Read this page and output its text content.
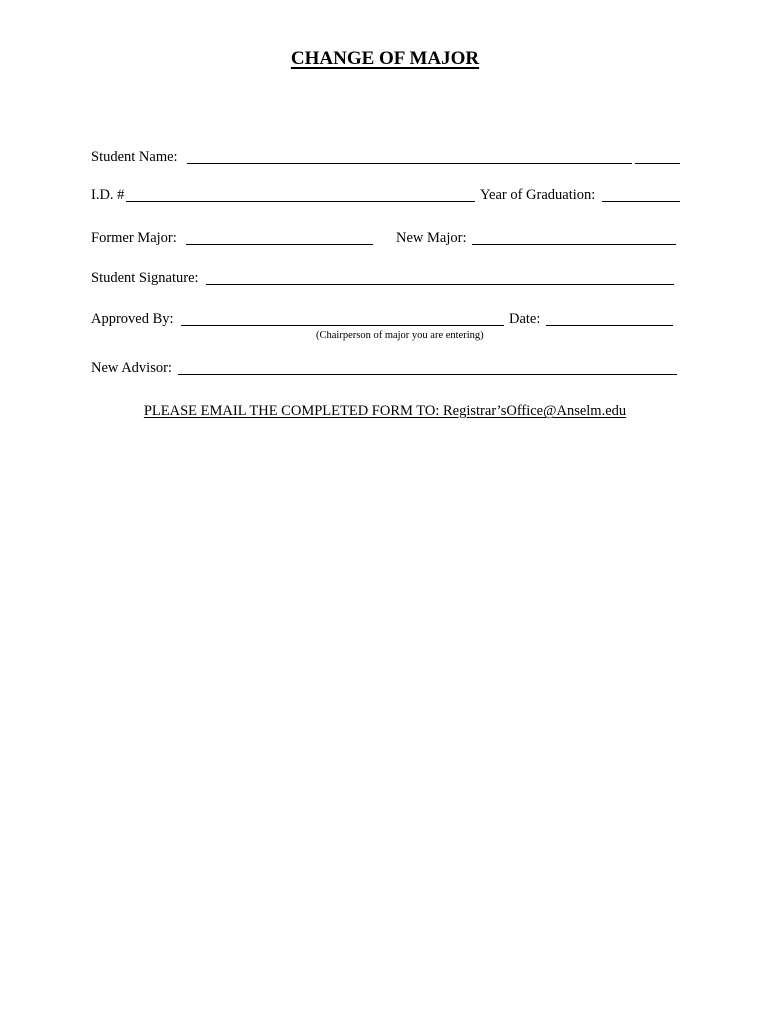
CHANGE OF MAJOR
Student Name:
I.D. #	Year of Graduation:
Former Major:	New Major:
Student Signature:
Approved By:	Date:
(Chairperson of major you are entering)
New Advisor:
PLEASE EMAIL THE COMPLETED FORM TO: Registrar’sOffice@Anselm.edu
